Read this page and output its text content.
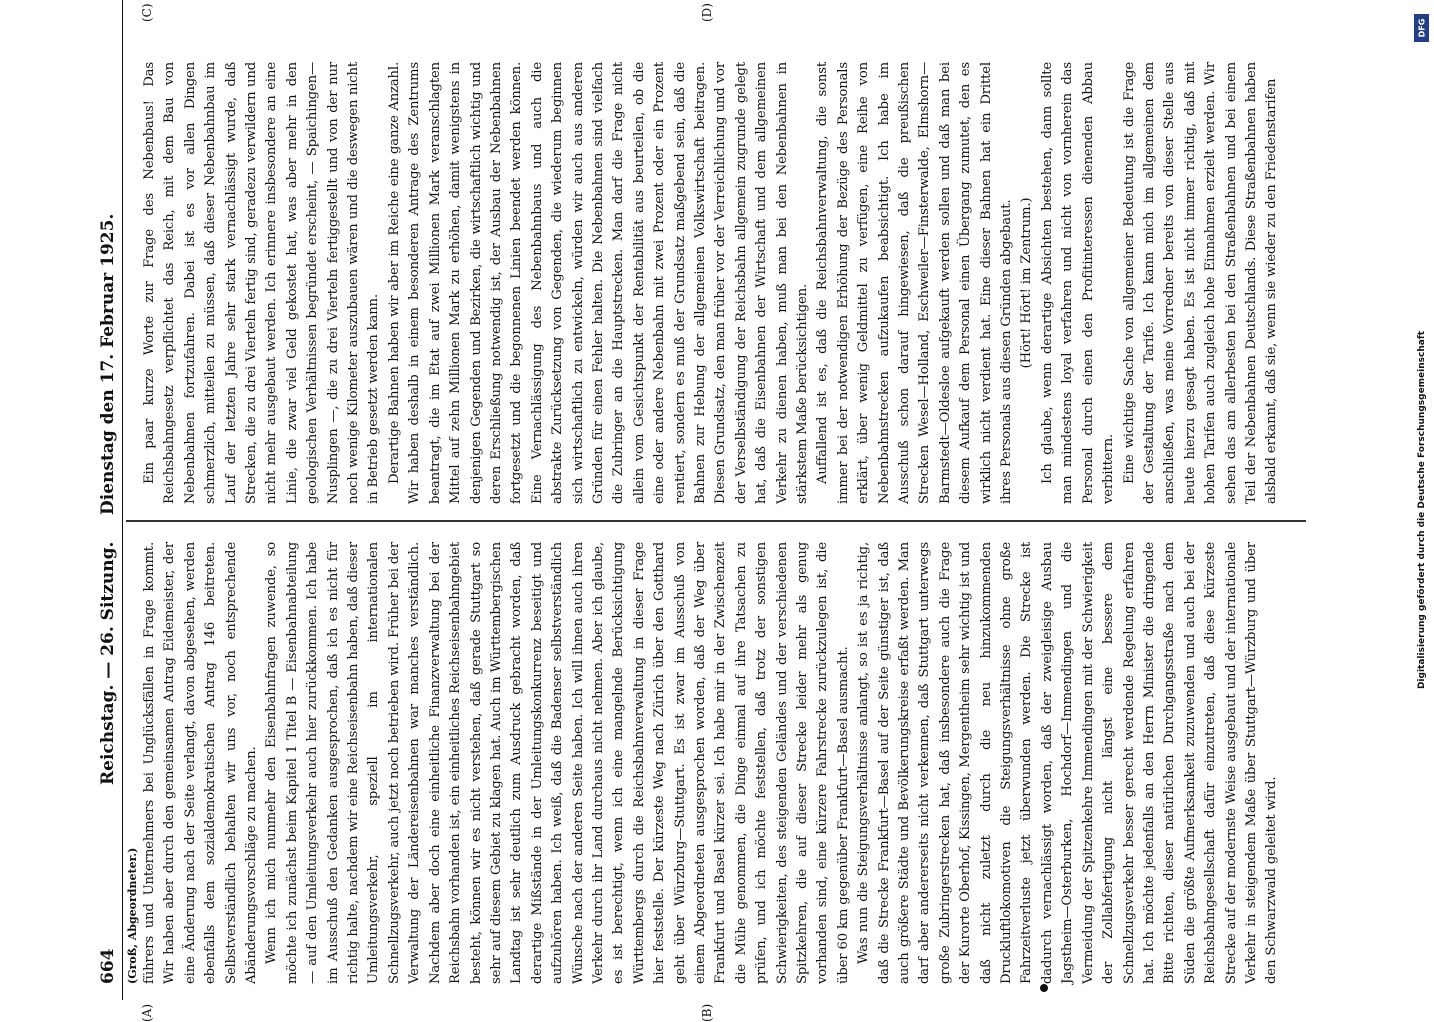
664
Reichstag. — 26. Sitzung.
Dienstag den 17. Februar 1925.
(Groß, Abgeordneter.) führers und Unternehmers bei Unglücksfällen in Frage kommt. Wir haben aber durch den gemeinsamen Antrag Eidemeister, der eine Änderung nach der Seite verlangt, davon abgesehen, werden ebenfalls dem sozialdemokratischen Antrag 146 beitreten. Selbstverständlich behalten wir uns vor, noch entsprechende Abänderungsvorschläge zu machen. Wenn ich mich nunmehr den Eisenbahnfragen zuwende, so möchte ich zunächst beim Kapitel 1 Titel B — Eisenbahnabteilung — auf den Umleitungsverkehr auch hier zurückkommen. Ich habe im Ausschuß den Gedanken ausgesprochen, daß ich es nicht für richtig halte, nachdem wir eine Reichseisenbahn haben, daß dieser Umleitungsverkehr, speziell im internationalen Schnellzugsverkehr, auch jetzt noch betrieben wird. Früher bei der Verwaltung der Ländereisenbahnen war manches verständlich. Nachdem aber doch eine einheitliche Finanzverwaltung bei der Reichsbahn vorhanden ist, ein einheitliches Reichseisenbahngebiet besteht, können wir es nicht verstehen, daß gerade Stuttgart so sehr auf diesem Gebiet zu klagen hat. Auch im Württembergischen Landtag ist sehr deutlich zum Ausdruck gebracht worden, daß derartige Mißstände in der Umleitungskonkurrenz beseitigt und aufzuhören haben. Ich weiß, daß die Badenser selbstverständlich Wünsche nach der anderen Seite haben. Ich will ihnen auch ihren Verkehr durch ihr Land durchaus nicht nehmen. Aber ich glaube, es ist berechtigt, wenn ich eine mangelnde Berücksichtigung Württembergs durch die Reichsbahnverwaltung in dieser Frage hier feststelle. Der kürzeste Weg nach Zürich über den Gotthard geht über Würzburg—Stuttgart. Es ist zwar im Ausschuß von einem Abgeordneten ausgesprochen worden, daß der Weg über Frankfurt und Basel kürzer sei. Ich habe mir in der Zwischenzeit die Mühe genommen, die Dinge einmal auf ihre Tatsachen zu prüfen, und ich möchte feststellen, daß trotz der sonstigen Schwierigkeiten, des steigenden Geländes und der verschiedenen Spitzkehren, die auf dieser Strecke leider mehr als genug vorhanden sind, eine kürzere Fahrstrecke zurückzulegen ist, die über 60 km gegenüber Frankfurt—Basel ausmacht. Was nun die Steigungsverhältnisse anlangt, so ist es ja richtig, daß die Strecke Frankfurt—Basel auf der Seite günstiger ist, daß auch größere Städte und Bevölkerungskreise erfaßt werden. Man darf aber andererseits nicht verkennen, daß Stuttgart unterwegs große Zubringerstrecken hat, daß insbesondere auch die Frage der Kurorte Oberhof, Kissingen, Mergentheim sehr wichtig ist und daß nicht zuletzt durch die neu hinzukommenden Druckluftlokomotiven die Steigungsverhältnisse ohne große Fahrzeitverluste jetzt überwunden werden. Die Strecke ist dadurch vernachlässigt worden, daß der zweigleisige Ausbau Jagstheim—Osterburken, Hochdorf—Immendingen und die Vermeidung der Spitzenkehre Immendingen mit der Schwierigkeit der Zollabfertigung nicht längst eine bessere dem Schnellzugsverkehr besser gerecht werdende Regelung erfahren hat. Ich möchte jedenfalls an den Herrn Minister die dringende Bitte richten, dieser natürlichen Durchgangsstraße nach dem Süden die größte Aufmerksamkeit zuzuwenden und auch bei der Reichsbahngesellschaft dafür einzutreten, daß diese kürzeste Strecke auf der modernste Weise ausgebaut und der internationale Verkehr in steigendem Maße über Stuttgart—Würzburg und über den Schwarzwald geleitet wird.

Ein paar kurze Worte zur Frage des Nebenbaus! Das Reichsbahngesetz verpflichtet das Reich, mit dem Bau von Nebenbahnen fortzufahren. Dabei ist es vor allen Dingen schmerzlich, mitteilen zu müssen, daß dieser Nebenbahnbau im Lauf der letzten Jahre sehr stark vernachlässigt wurde, daß Strecken, die zu drei Vierteln fertig sind, geradezu verwildern und nicht mehr ausgebaut werden. Ich erinnere insbesondere an eine Linie, die zwar viel Geld gekostet hat, was aber mehr in den geologischen Verhältnissen begründet erscheint, — Spaichingen—Nusplingen —, die zu drei Vierteln fertiggestellt und von der nur noch wenige Kilometer auszubauen wären und die deswegen nicht in Betrieb gesetzt werden kann. Derartige Bahnen haben wir aber im Reiche eine ganze Anzahl. Wir haben deshalb in einem besonderen Antrage des Zentrums beantragt, die im Etat auf zwei Millionen Mark veranschlagten Mittel auf zehn Millionen Mark zu erhöhen, damit wenigstens in denjenigen Gegenden und Bezirken, die wirtschaftlich wichtig und deren Erschließung notwendig ist, der Ausbau der Nebenbahnen fortgesetzt und die begonnenen Linien beendet werden können. Eine Vernachlässigung des Nebenbahnbaus und auch die abstrakte Zurücksetzung von Gegenden, die wiederum beginnen sich wirtschaftlich zu entwickeln, würden wir auch aus anderen Gründen für einen Fehler halten. Die Nebenbahnen sind vielfach die Zubringer an die Hauptstrecken. Man darf die Frage nicht allein vom Gesichtspunkt der Rentabilität aus beurteilen, ob die eine oder andere Nebenbahn mit zwei Prozent oder ein Prozent rentiert, sondern es muß der Grundsatz maßgebend sein, daß die Bahnen zur Hebung der allgemeinen Volkswirtschaft beitragen. Diesen Grundsatz, den man früher vor der Verreichlichung und vor der Verselbständigung der Reichsbahn allgemein zugrunde gelegt hat, daß die Eisenbahnen der Wirtschaft und dem allgemeinen Verkehr zu dienen haben, muß man bei den Nebenbahnen in stärkstem Maße berücksichtigen. Auffallend ist es, daß die Reichsbahnverwaltung, die sonst immer bei der notwendigen Erhöhung der Bezüge des Personals erklärt, über wenig Geldmittel zu verfügen, eine Reihe von Nebenbahnstrecken aufzukaufen beabsichtigt. Ich habe im Ausschuß schon darauf hingewiesen, daß die preußischen Strecken Wesel—Holland, Eschweiler—Finsterwalde, Elmshorn—Barmstedt—Oldesloe aufgekauft werden sollen und daß man bei diesem Aufkauf dem Personal einen Übergang zumutet, den es wirklich nicht verdient hat. Eine dieser Bahnen hat ein Drittel ihres Personals aus diesen Gründen abgebaut. (Hört! Hört! im Zentrum.) Ich glaube, wenn derartige Absichten bestehen, dann sollte man mindestens loyal verfahren und nicht von vornherein das Personal durch einen den Profitinteressen dienenden Abbau verbittern. Eine wichtige Sache von allgemeiner Bedeutung ist die Frage der Gestaltung der Tarife. Ich kann mich im allgemeinen dem anschließen, was meine Vorredner bereits von dieser Stelle aus heute hierzu gesagt haben. Es ist nicht immer richtig, daß mit hohen Tarifen auch zugleich hohe Einnahmen erzielt werden. Wir sehen das am allerbesten bei den Straßenbahnen und bei einem Teil der Nebenbahnen Deutschlands. Diese Straßenbahnen haben alsbald erkannt, daß sie, wenn sie wieder zu den Friedenstarifen

(A)	(B)
(C)	(D)
DFG
Digitalisierung gefördert durch die Deutsche Forschungsgemeinschaft
